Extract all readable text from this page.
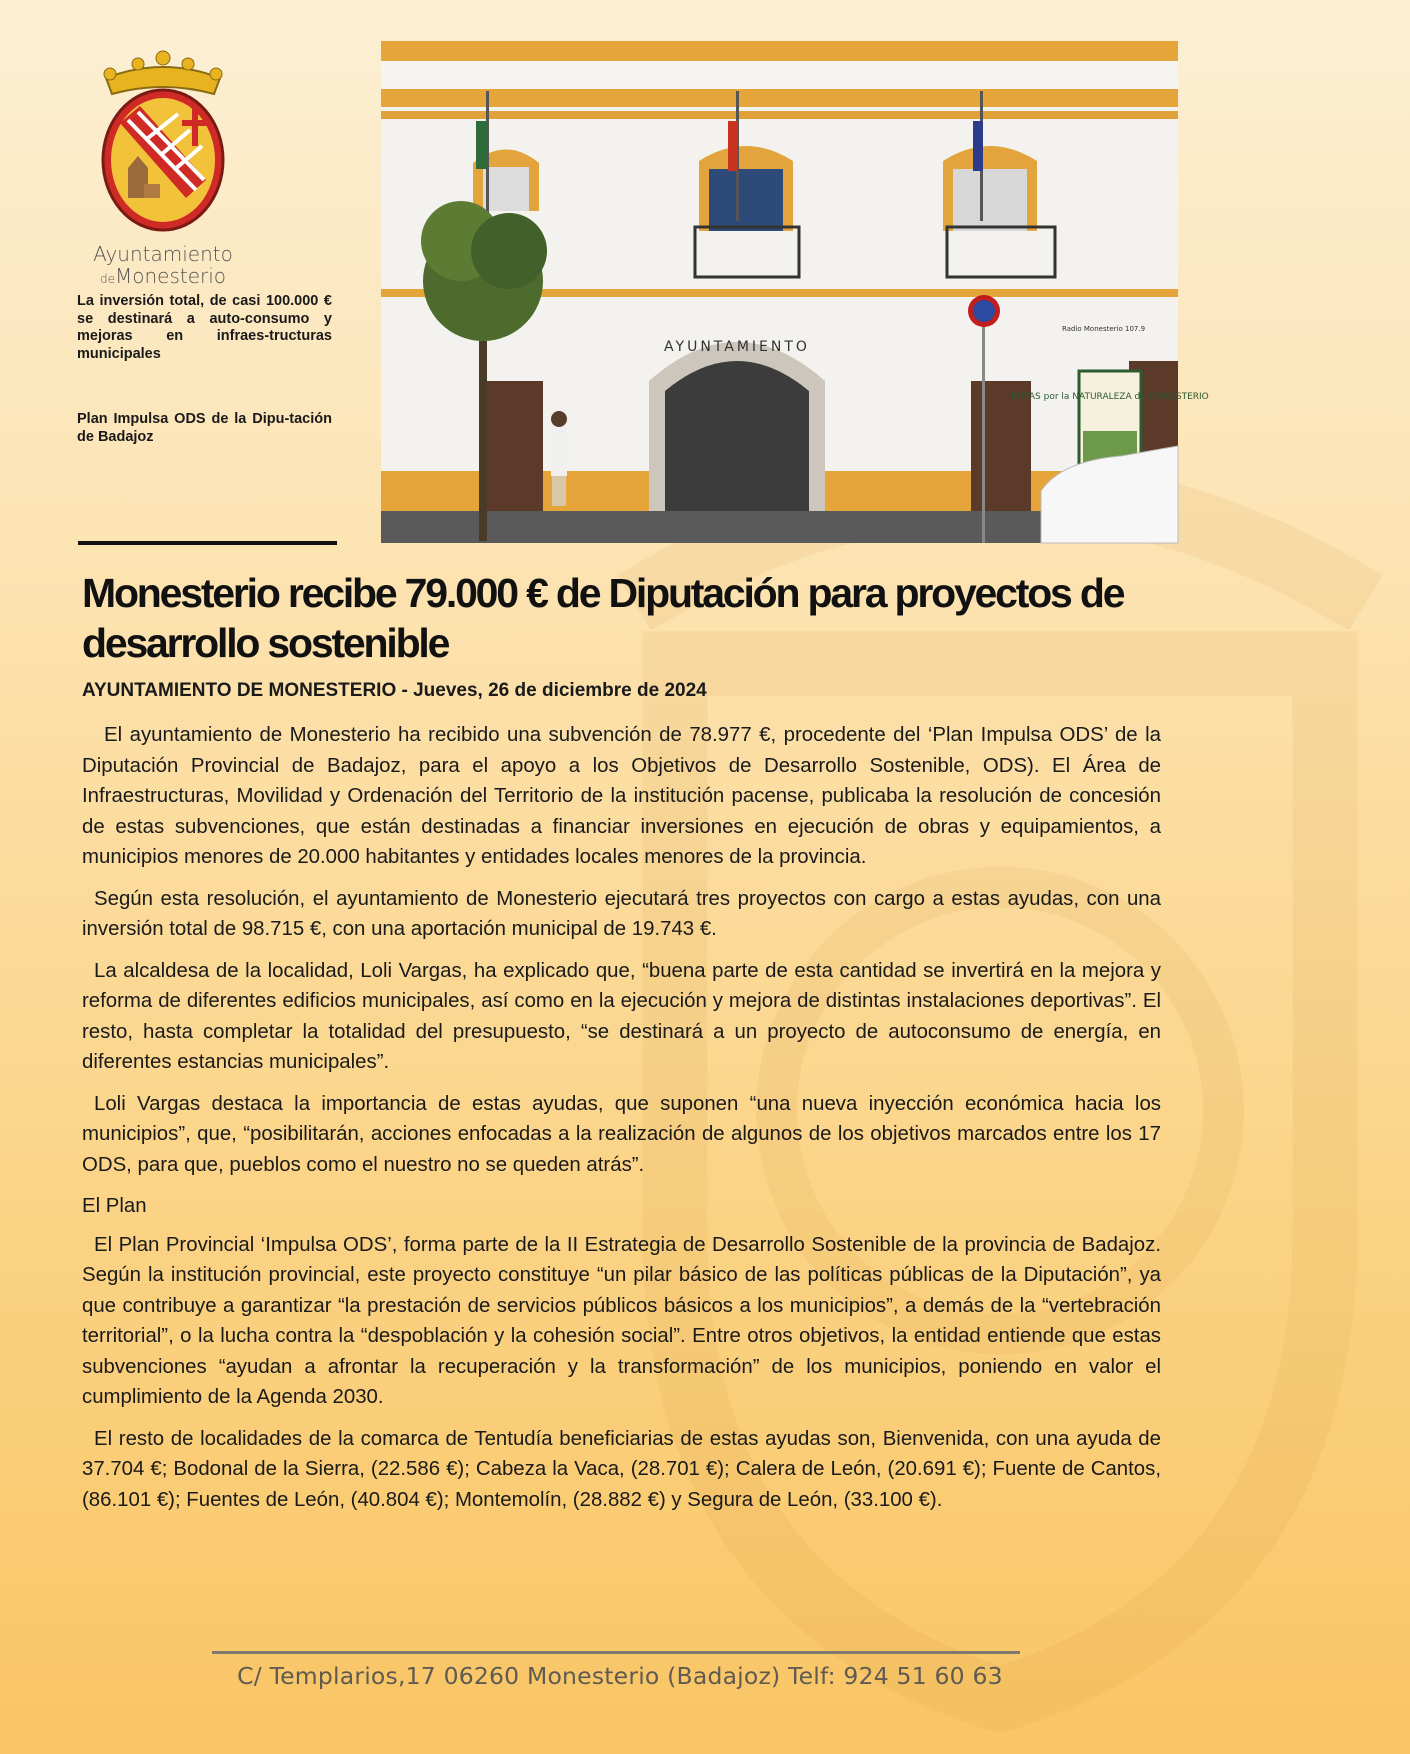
Ayuntamiento
deMonesterio
La inversión total, de casi 100.000 € se destinará a auto-consumo y mejoras en infraes-tructuras municipales
Plan Impulsa ODS de la Dipu-tación de Badajoz
AYUNTAMIENTO
RUTAS por la NATURALEZA de MONESTERIO
Radio Monesterio 107.9
Monesterio recibe 79.000 € de Diputación para proyectos de desarrollo sostenible

AYUNTAMIENTO DE MONESTERIO - Jueves, 26 de diciembre de 2024

El ayuntamiento de Monesterio ha recibido una subvención de 78.977 €, procedente del ‘Plan Impulsa ODS’ de la Diputación Provincial de Badajoz, para el apoyo a los Objetivos de Desarrollo Sostenible, ODS). El Área de Infraestructuras, Movilidad y Ordenación del Territorio de la institución pacense, publicaba la resolución de concesión de estas subvenciones, que están destinadas a financiar inversiones en ejecución de obras y equipamientos, a municipios menores de 20.000 habitantes y entidades locales menores de la provincia.

Según esta resolución, el ayuntamiento de Monesterio ejecutará tres proyectos con cargo a estas ayudas, con una inversión total de 98.715 €, con una aportación municipal de 19.743 €.

La alcaldesa de la localidad, Loli Vargas, ha explicado que, “buena parte de esta cantidad se invertirá en la mejora y reforma de diferentes edificios municipales, así como en la ejecución y mejora de distintas instalaciones deportivas”. El resto, hasta completar la totalidad del presupuesto, “se destinará a un proyecto de autoconsumo de energía, en diferentes estancias municipales”.

Loli Vargas destaca la importancia de estas ayudas, que suponen “una nueva inyección económica hacia los municipios”, que, “posibilitarán, acciones enfocadas a la realización de algunos de los objetivos marcados entre los 17 ODS, para que, pueblos como el nuestro no se queden atrás”.

El Plan

El Plan Provincial ‘Impulsa ODS’, forma parte de la II Estrategia de Desarrollo Sostenible de la provincia de Badajoz. Según la institución provincial, este proyecto constituye “un pilar básico de las políticas públicas de la Diputación”, ya que contribuye a garantizar “la prestación de servicios públicos básicos a los municipios”, a demás de la “vertebración territorial”, o la lucha contra la “despoblación y la cohesión social”. Entre otros objetivos, la entidad entiende que estas subvenciones “ayudan a afrontar la recuperación y la transformación” de los municipios, poniendo en valor el cumplimiento de la Agenda 2030.

El resto de localidades de la comarca de Tentudía beneficiarias de estas ayudas son, Bienvenida, con una ayuda de 37.704 €; Bodonal de la Sierra, (22.586 €); Cabeza la Vaca, (28.701 €); Calera de León, (20.691 €); Fuente de Cantos, (86.101 €); Fuentes de León, (40.804 €); Montemolín, (28.882 €) y Segura de León, (33.100 €).

C/ Templarios,17 06260 Monesterio (Badajoz) Telf: 924 51 60 63
